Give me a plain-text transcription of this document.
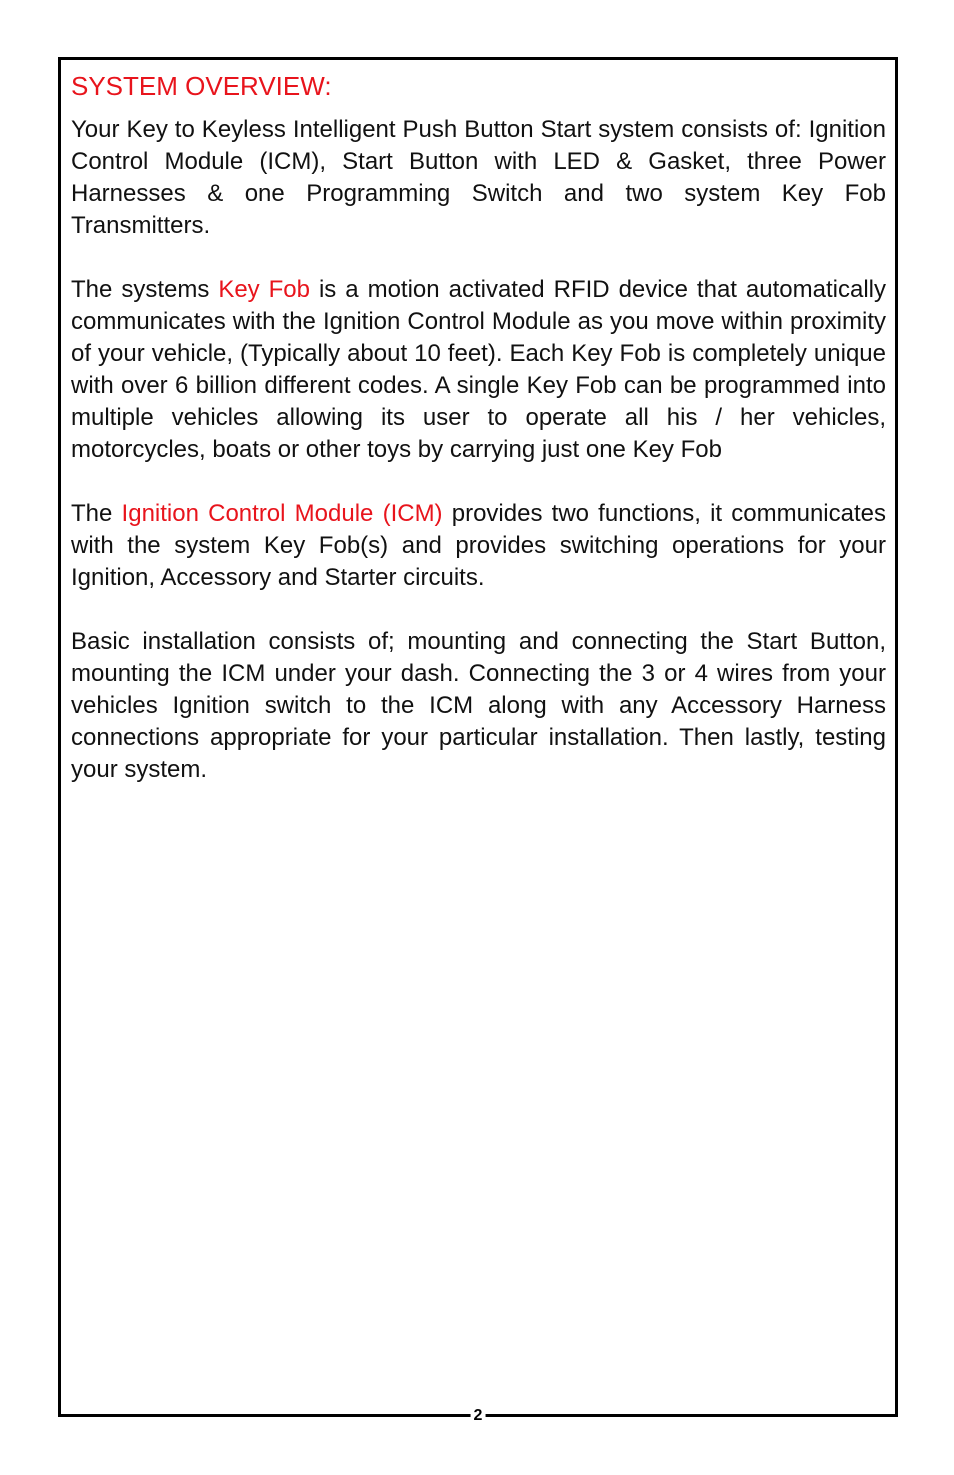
SYSTEM OVERVIEW:

Your Key to Keyless Intelligent Push Button Start system consists of: Ignition Control Module (ICM), Start Button with LED & Gasket, three Power Harnesses & one Programming Switch and two system Key Fob Transmitters.

The systems Key Fob is a motion activated RFID device that automatically communicates with the Ignition Control Module as you move within proximity of your vehicle, (Typically about 10 feet). Each Key Fob is completely unique with over 6 billion different codes. A single Key Fob can be programmed into multiple vehicles allowing its user to operate all his / her vehicles, motorcycles, boats or other toys by carrying just one Key Fob

The Ignition Control Module (ICM) provides two functions, it communicates with the system Key Fob(s) and provides switching operations for your Ignition, Accessory and Starter circuits.

Basic installation consists of; mounting and connecting the Start Button, mounting the ICM under your dash. Connecting the 3 or 4 wires from your vehicles Ignition switch to the ICM along with any Accessory Harness connections appropriate for your particular installation. Then lastly, testing your system.

2
